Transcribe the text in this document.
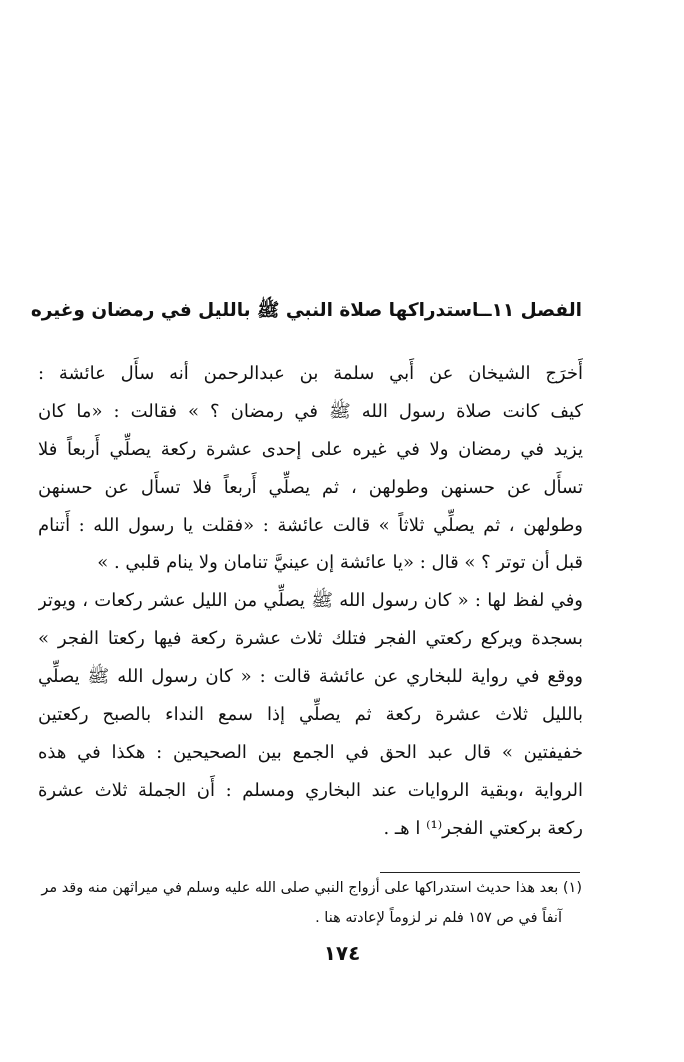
الفصل ١١ــاستدراكها صلاة النبي ﷺ بالليل في رمضان وغيره
أَخرَج الشيخان عن أَبي سلمة بن عبدالرحمن أنه سأَل عائشة :
كيف كانت صلاة رسول الله ﷺ في رمضان ؟ » فقالت : «ما كان
يزيد في رمضان ولا في غيره على إحدى عشرة ركعة يصلِّي أَربعاً فلا
تسأَل عن حسنهن وطولهن ، ثم يصلِّي أَربعاً فلا تسأَل عن حسنهن
وطولهن ، ثم يصلِّي ثلاثاً » قالت عائشة : «فقلت يا رسول الله : أَتنام
قبل أن توتر ؟ » قال : «يا عائشة إن عينيَّ تنامان ولا ينام قلبي . »
وفي لفظ لها : « كان رسول الله ﷺ يصلِّي من الليل عشر ركعات ، ويوتر
بسجدة ويركع ركعتي الفجر فتلك ثلاث عشرة ركعة فيها ركعتا الفجر »
ووقع في رواية للبخاري عن عائشة قالت : « كان رسول الله ﷺ يصلِّي
بالليل ثلاث عشرة ركعة ثم يصلِّي إذا سمع النداء بالصبح ركعتين
خفيفتين » قال عبد الحق في الجمع بين الصحيحين : هكذا في هذه
الرواية ،وبقية الروايات عند البخاري ومسلم : أَن الجملة ثلاث عشرة
ركعة بركعتي الفجر⁽¹⁾ ا هـ .
(١) بعد هذا حديث استدراكها على أزواج النبي صلى الله عليه وسلم في ميراثهن منه وقد مر
آنفاً في ص ١٥٧ فلم نر لزوماً لإعادته هنا .
١٧٤
